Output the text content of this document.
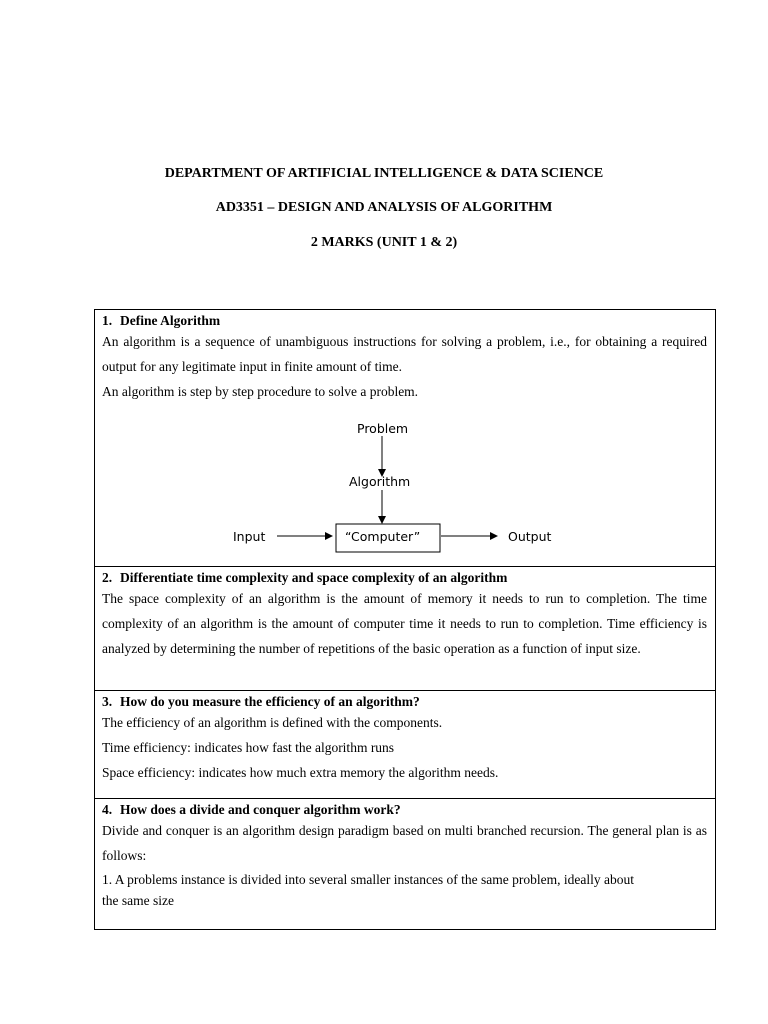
DEPARTMENT OF ARTIFICIAL INTELLIGENCE & DATA SCIENCE
AD3351 – DESIGN AND ANALYSIS OF ALGORITHM
2 MARKS (UNIT 1 & 2)
1. Define Algorithm
An algorithm is a sequence of unambiguous instructions for solving a problem, i.e., for obtaining a required output for any legitimate input in finite amount of time.
An algorithm is step by step procedure to solve a problem.
Problem
Algorithm
Input	“Computer”	Output
2. Differentiate time complexity and space complexity of an algorithm
The space complexity of an algorithm is the amount of memory it needs to run to completion. The time complexity of an algorithm is the amount of computer time it needs to run to completion. Time efficiency is analyzed by determining the number of repetitions of the basic operation as a function of input size.
3. How do you measure the efficiency of an algorithm?
The efficiency of an algorithm is defined with the components.
Time efficiency: indicates how fast the algorithm runs
Space efficiency: indicates how much extra memory the algorithm needs.
4. How does a divide and conquer algorithm work?
Divide and conquer is an algorithm design paradigm based on multi branched recursion. The general plan is as follows:
1. A problems instance is divided into several smaller instances of the same problem, ideally about
the same size
